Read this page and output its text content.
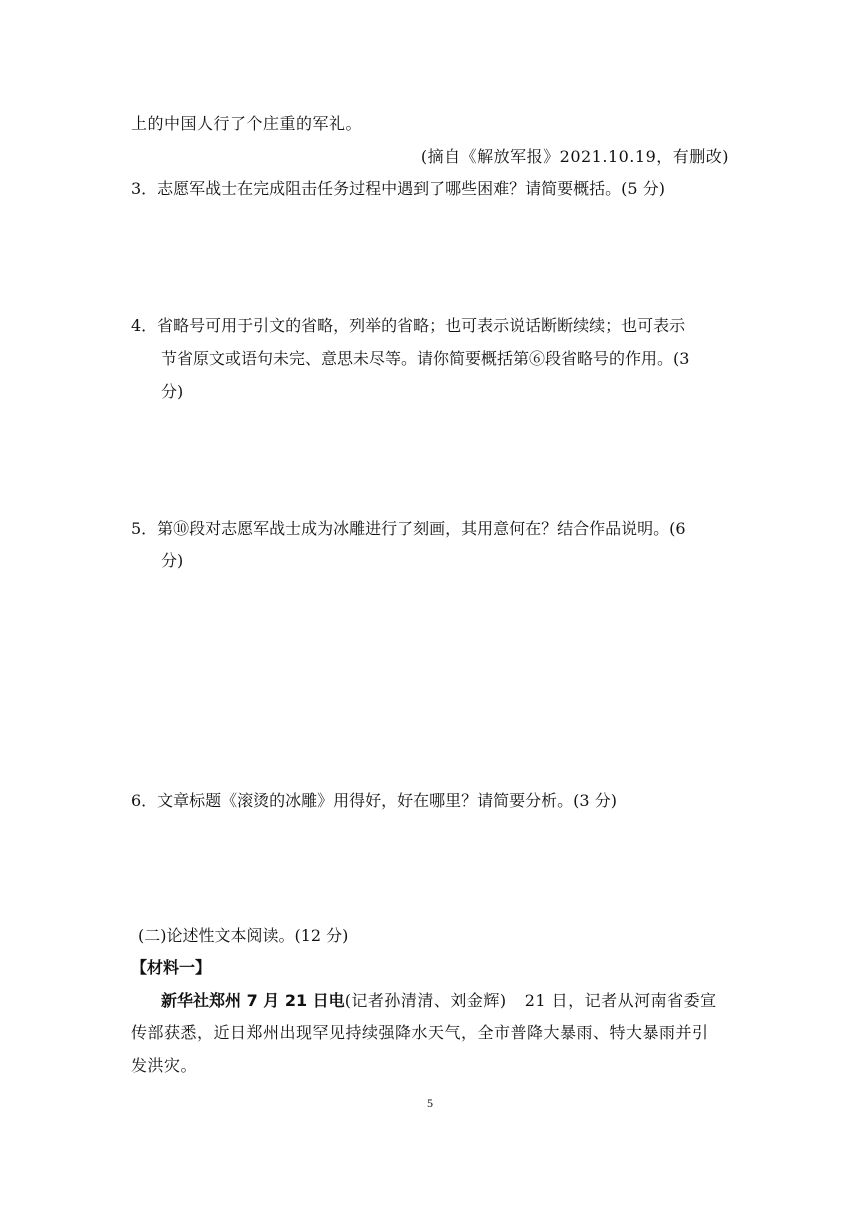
上的中国人行了个庄重的军礼。
(摘自《解放军报》2021.10.19，有删改)
3．志愿军战士在完成阻击任务过程中遇到了哪些困难？请简要概括。(5 分)
4．省略号可用于引文的省略，列举的省略；也可表示说话断断续续；也可表示
节省原文或语句未完、意思未尽等。请你简要概括第⑥段省略号的作用。(3
分)
5．第⑩段对志愿军战士成为冰雕进行了刻画，其用意何在？结合作品说明。(6
分)
6．文章标题《滚烫的冰雕》用得好，好在哪里？请简要分析。(3 分)
(二)论述性文本阅读。(12 分)
【材料一】
新华社郑州 7 月 21 日电(记者孙清清、刘金辉) 21 日，记者从河南省委宣
传部获悉，近日郑州出现罕见持续强降水天气，全市普降大暴雨、特大暴雨并引
发洪灾。
5
